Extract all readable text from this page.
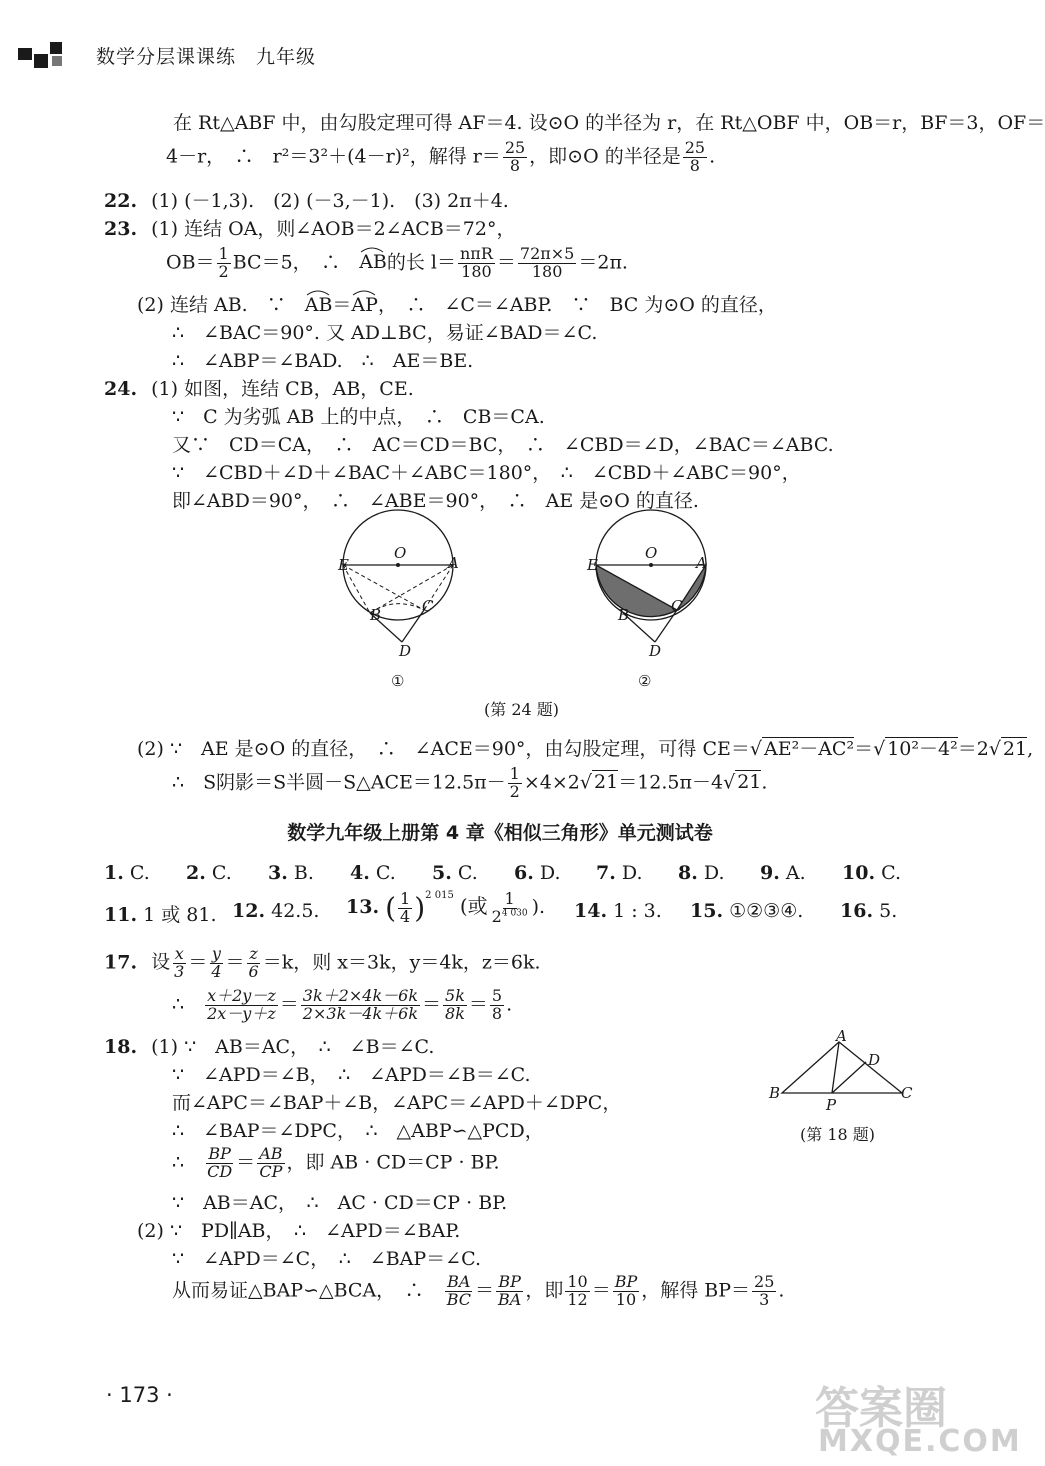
数学分层课课练　九年级
在 Rt△ABF 中，由勾股定理可得 AF＝4. 设⊙O 的半径为 r，在 Rt△OBF 中，OB＝r，BF＝3，OF＝
4－r，　∴　r²＝3²＋(4－r)²，解得 $r= \frac{25}{8}$ ，即⊙O 的半径是 $\frac{25}{8}$ .
22. (1) (－1,3).　(2) (－3,－1).　(3) 2π＋4.
23. (1) 连结 OA，则∠AOB＝2∠ACB＝72°，
$OB= \frac{1}{2} BC=5$，　∴　AB
的长 $l= \frac{\text{nπR}}{180} = \frac{72\pi\times 5}{180} =2\pi$.
(2) 连结 AB.　∵　AB
＝AP
，　∴　∠C＝∠ABP.　∵　BC 为⊙O 的直径，
∴　∠BAC＝90°. 又 AD⊥BC，易证∠BAD＝∠C.
∴　∠ABP＝∠BAD.　∴　AE＝BE.
24. (1) 如图，连结 CB，AB，CE.
∵　C 为劣弧 AB 上的中点，　∴　CB＝CA.
又∵　CD＝CA，　∴　AC＝CD＝BC，　∴　∠CBD＝∠D，∠BAC＝∠ABC.
∵　∠CBD＋∠D＋∠BAC＋∠ABC＝180°，　∴　∠CBD＋∠ABC＝90°，
即∠ABD＝90°，　∴　∠ABE＝90°，　∴　AE 是⊙O 的直径.
E
O
A
B	C
D
①
E
O
A
B	C
D
②
(第 24 题)
(2) ∵　AE 是⊙O 的直径，　∴　∠ACE＝90°，由勾股定理，可得 CE＝√ AE²－AC²＝√ 10²－4²＝2√ 21,
∴　S阴影＝S半圆－S△ACE＝12.5π－ $\frac{1}{2} \times 4\times 2√$ 21＝12.5π－4√ 21.
数学九年级上册第 4 章《相似三角形》单元测试卷
1. C.	2. C.	3. B.	4. C.	5. C.	6. D.	7. D.	8. D.	9. A.	10. C.
11. 1 或 81. 12. 42.5. 13. ( $\frac{1}{4} )^{2 015}$ (或 $\frac{1}{2^{4 030}}$ ). 14. 1 : 3. 15. ①②③④. 16. 5.
17. 设 $\frac{x}{3} = \frac{y}{4} = \frac{z}{6} =k$，则 x＝3k，y＝4k，z＝6k.
∴　 $\frac{x+2y-z}{2x-y+z} = \frac{3k+2\times 4k-6k}{2\times 3k-4k+6k} = \frac{5k}{8k} = \frac{5}{8}$ .
18. (1) ∵　AB＝AC，　∴　∠B＝∠C.
∵　∠APD＝∠B，　∴　∠APD＝∠B＝∠C.
而∠APC＝∠BAP＋∠B，∠APC＝∠APD＋∠DPC，
∴　∠BAP＝∠DPC，　∴　△ABP∽△PCD，
∴　 $\frac{BP}{CD} = \frac{AB}{CP}$ ，即 AB · CD＝CP · BP.
∵　AB＝AC，　∴　AC · CD＝CP · BP.
(2) ∵　PD∥AB，　∴　∠APD＝∠BAP.
∵　∠APD＝∠C，　∴　∠BAP＝∠C.
从而易证△BAP∽△BCA，　∴　 $\frac{BA}{BC} = \frac{BP}{BA}$ ，即 $\frac{10}{12} = \frac{BP}{10}$ ，解得 $BP= \frac{25}{3}$ .
A
B	C
D
P
(第 18 题)
· 173 ·	答案圈
MXQE.COM
